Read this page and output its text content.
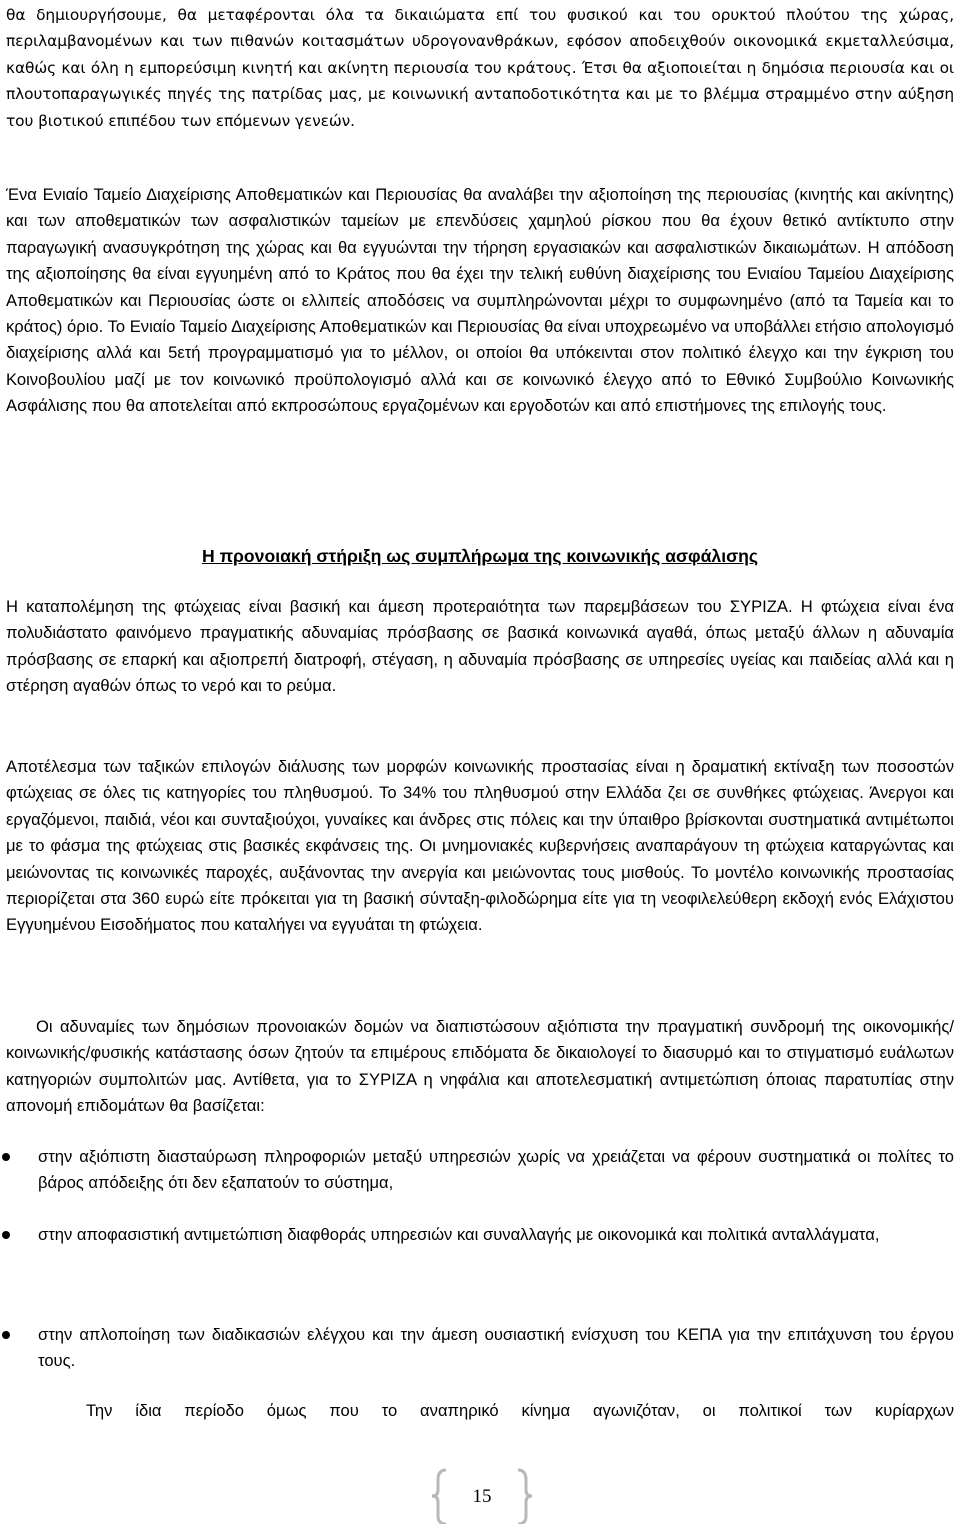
θα δημιουργήσουμε, θα μεταφέρονται όλα τα δικαιώματα επί του φυσικού και του ορυκτού πλούτου της χώρας, περιλαμβανομένων και των πιθανών κοιτασμάτων υδρογονανθράκων, εφόσον αποδειχθούν οικονομικά εκμεταλλεύσιμα, καθώς και όλη η εμπορεύσιμη κινητή και ακίνητη περιουσία του κράτους. Έτσι θα αξιοποιείται η δημόσια περιουσία και οι πλουτοπαραγωγικές πηγές της πατρίδας μας, με κοινωνική ανταποδοτικότητα και με το βλέμμα στραμμένο στην αύξηση του βιοτικού επιπέδου των επόμενων γενεών.

Ένα Ενιαίο Ταμείο Διαχείρισης Αποθεματικών και Περιουσίας θα αναλάβει την αξιοποίηση της περιουσίας (κινητής και ακίνητης) και των αποθεματικών των ασφαλιστικών ταμείων με επενδύσεις χαμηλού ρίσκου που θα έχουν θετικό αντίκτυπο στην παραγωγική ανασυγκρότηση της χώρας και θα εγγυώνται την τήρηση εργασιακών και ασφαλιστικών δικαιωμάτων. Η απόδοση της αξιοποίησης θα είναι εγγυημένη από το Κράτος που θα έχει την τελική ευθύνη διαχείρισης του Ενιαίου Ταμείου Διαχείρισης Αποθεματικών και Περιουσίας ώστε οι ελλιπείς αποδόσεις να συμπληρώνονται μέχρι το συμφωνημένο (από τα Ταμεία και το κράτος) όριο. Το Ενιαίο Ταμείο Διαχείρισης Αποθεματικών και Περιουσίας θα είναι υποχρεωμένο να υποβάλλει ετήσιο απολογισμό διαχείρισης αλλά και 5ετή προγραμματισμό για το μέλλον, οι οποίοι θα υπόκεινται στον πολιτικό έλεγχο και την έγκριση του Κοινοβουλίου μαζί με τον κοινωνικό προϋπολογισμό αλλά και σε κοινωνικό έλεγχο από το Εθνικό Συμβούλιο Κοινωνικής Ασφάλισης που θα αποτελείται από εκπροσώπους εργαζομένων και εργοδοτών και από επιστήμονες της επιλογής τους.

Η προνοιακή στήριξη ως συμπλήρωμα της κοινωνικής ασφάλισης

Η καταπολέμηση της φτώχειας είναι βασική και άμεση προτεραιότητα των παρεμβάσεων του ΣΥΡΙΖΑ. Η φτώχεια είναι ένα πολυδιάστατο φαινόμενο πραγματικής αδυναμίας πρόσβασης σε βασικά κοινωνικά αγαθά, όπως μεταξύ άλλων η αδυναμία πρόσβασης σε επαρκή και αξιοπρεπή διατροφή, στέγαση, η αδυναμία πρόσβασης σε υπηρεσίες υγείας και παιδείας αλλά και η στέρηση αγαθών όπως το νερό και το ρεύμα.

Αποτέλεσμα των ταξικών επιλογών διάλυσης των μορφών κοινωνικής προστασίας είναι η δραματική εκτίναξη των ποσοστών φτώχειας σε όλες τις κατηγορίες του πληθυσμού. Το 34% του πληθυσμού στην Ελλάδα ζει σε συνθήκες φτώχειας. Άνεργοι και εργαζόμενοι, παιδιά, νέοι και συνταξιούχοι, γυναίκες και άνδρες στις πόλεις και την ύπαιθρο βρίσκονται συστηματικά αντιμέτωποι με το φάσμα της φτώχειας στις βασικές εκφάνσεις της. Οι μνημονιακές κυβερνήσεις αναπαράγουν τη φτώχεια καταργώντας και μειώνοντας τις κοινωνικές παροχές, αυξάνοντας την ανεργία και μειώνοντας τους μισθούς. Το μοντέλο κοινωνικής προστασίας περιορίζεται στα 360 ευρώ είτε πρόκειται για τη βασική σύνταξη-φιλοδώρημα είτε για τη νεοφιλελεύθερη εκδοχή ενός Ελάχιστου Εγγυημένου Εισοδήματος που καταλήγει να εγγυάται τη φτώχεια.

Οι αδυναμίες των δημόσιων προνοιακών δομών να διαπιστώσουν αξιόπιστα την πραγματική συνδρομή της οικονομικής/κοινωνικής/φυσικής κατάστασης όσων ζητούν τα επιμέρους επιδόματα δε δικαιολογεί το διασυρμό και το στιγματισμό ευάλωτων κατηγοριών συμπολιτών μας. Αντίθετα, για το ΣΥΡΙΖΑ η νηφάλια και αποτελεσματική αντιμετώπιση όποιας παρατυπίας στην απονομή επιδομάτων θα βασίζεται:

στην αξιόπιστη διασταύρωση πληροφοριών μεταξύ υπηρεσιών χωρίς να χρειάζεται να φέρουν συστηματικά οι πολίτες το βάρος απόδειξης ότι δεν εξαπατούν το σύστημα,

στην αποφασιστική αντιμετώπιση διαφθοράς υπηρεσιών και συναλλαγής με οικονομικά και πολιτικά ανταλλάγματα,

στην απλοποίηση των διαδικασιών ελέγχου και την άμεση ουσιαστική ενίσχυση του ΚΕΠΑ για την επιτάχυνση του έργου τους.

Την ίδια περίοδο όμως που το αναπηρικό κίνημα αγωνιζόταν, οι πολιτικοί των κυρίαρχων

15
